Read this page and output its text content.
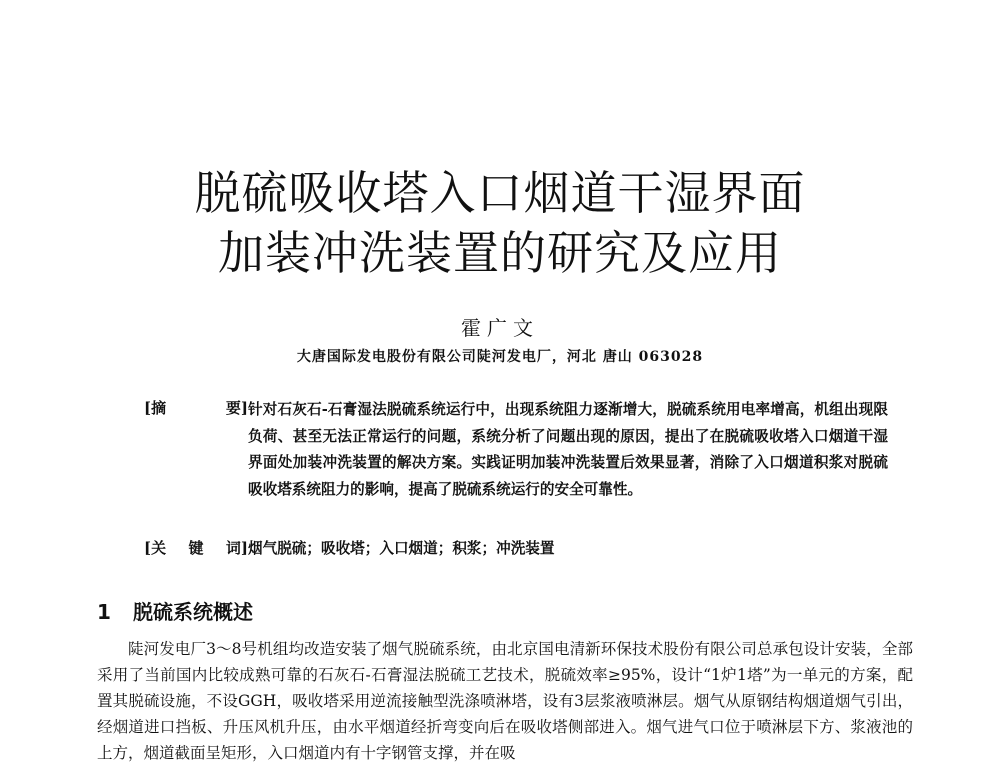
脱硫吸收塔入口烟道干湿界面
加装冲洗装置的研究及应用
霍广文
大唐国际发电股份有限公司陡河发电厂，河北 唐山 063028
[摘	要] 针对石灰石-石膏湿法脱硫系统运行中，出现系统阻力逐渐增大，脱硫系统用电率增高，机组出现限负荷、甚至无法正常运行的问题，系统分析了问题出现的原因，提出了在脱硫吸收塔入口烟道干湿界面处加装冲洗装置的解决方案。实践证明加装冲洗装置后效果显著，消除了入口烟道积浆对脱硫吸收塔系统阻力的影响，提高了脱硫系统运行的安全可靠性。
[关 键 词] 烟气脱硫；吸收塔；入口烟道；积浆；冲洗装置
1 脱硫系统概述

陡河发电厂3～8号机组均改造安装了烟气脱硫系统，由北京国电清新环保技术股份有限公司总承包设计安装，全部采用了当前国内比较成熟可靠的石灰石-石膏湿法脱硫工艺技术，脱硫效率≥95%，设计“1炉1塔”为一单元的方案，配置其脱硫设施，不设GGH，吸收塔采用逆流接触型洗涤喷淋塔，设有3层浆液喷淋层。烟气从原钢结构烟道烟气引出，经烟道进口挡板、升压风机升压，由水平烟道经折弯变向后在吸收塔侧部进入。烟气进气口位于喷淋层下方、浆液池的上方，烟道截面呈矩形，入口烟道内有十字钢管支撑，并在吸
